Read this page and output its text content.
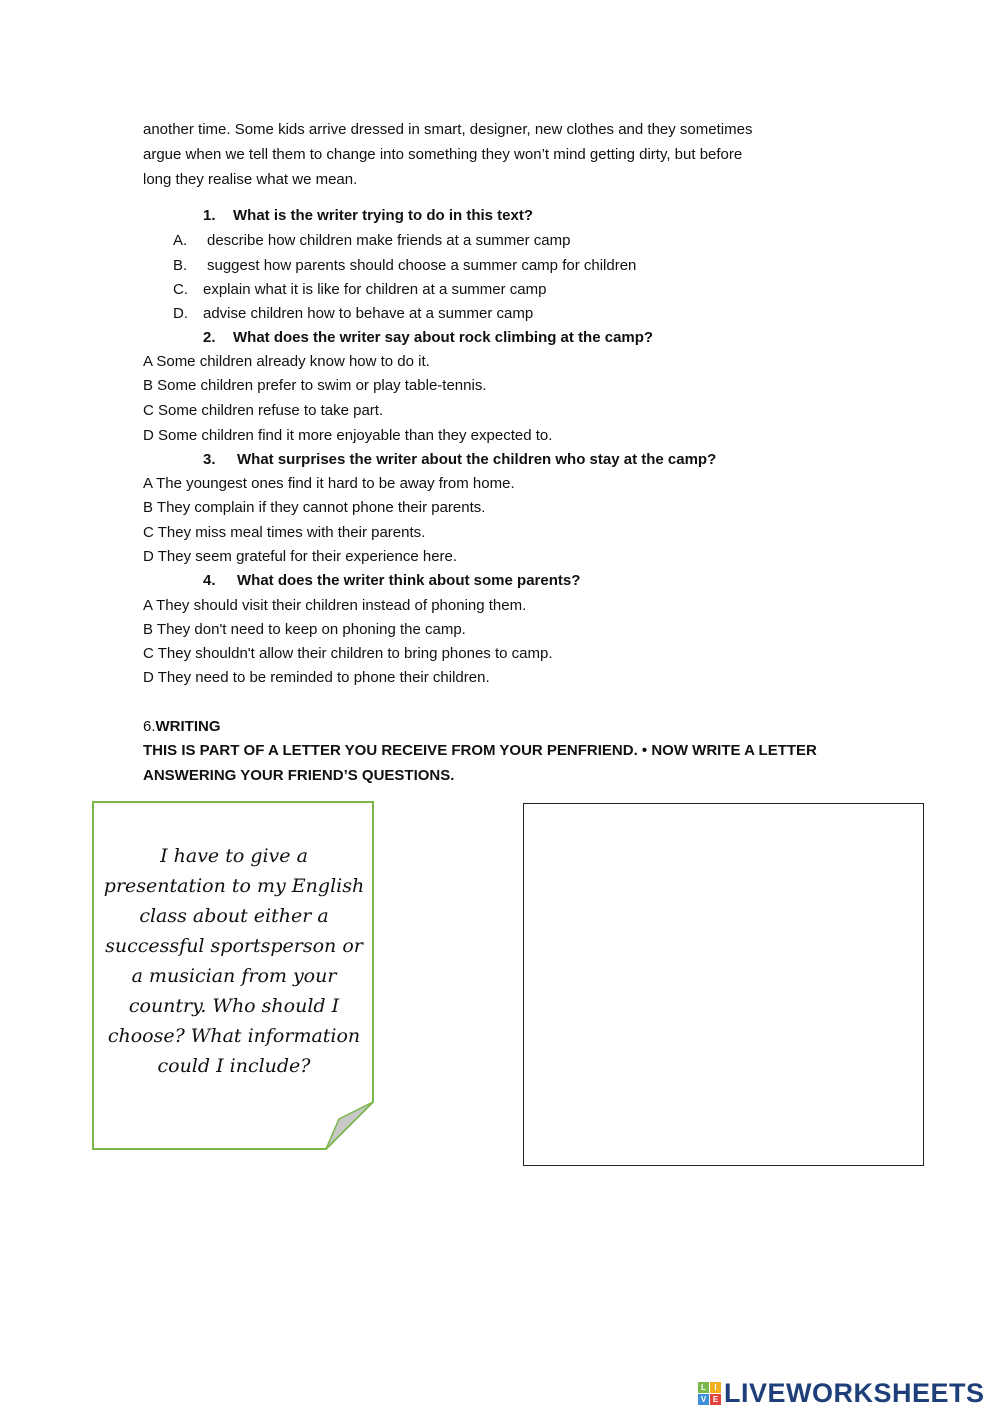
another time. Some kids arrive dressed in smart, designer, new clothes and they sometimes
argue when we tell them to change into something they won’t mind getting dirty, but before
long they realise what we mean.
1. What is the writer trying to do in this text?
A. describe how children make friends at a summer camp
B. suggest how parents should choose a summer camp for children
C. explain what it is like for children at a summer camp
D. advise children how to behave at a summer camp
2. What does the writer say about rock climbing at the camp?
A Some children already know how to do it.
B Some children prefer to swim or play table-tennis.
C Some children refuse to take part.
D Some children find it more enjoyable than they expected to.
3. What surprises the writer about the children who stay at the camp?
A The youngest ones find it hard to be away from home.
B They complain if they cannot phone their parents.
C They miss meal times with their parents.
D They seem grateful for their experience here.
4. What does the writer think about some parents?
A They should visit their children instead of phoning them.
B They don't need to keep on phoning the camp.
C They shouldn't allow their children to bring phones to camp.
D They need to be reminded to phone their children.
6.WRITING
THIS IS PART OF A LETTER YOU RECEIVE FROM YOUR PENFRIEND. • NOW WRITE A LETTER
ANSWERING YOUR FRIEND’S QUESTIONS.
I have to give a presentation to my English class about either a successful sportsperson or a musician from your country. Who should I choose? What information could I include?
L	I
V E LIVEWORKSHEETS
